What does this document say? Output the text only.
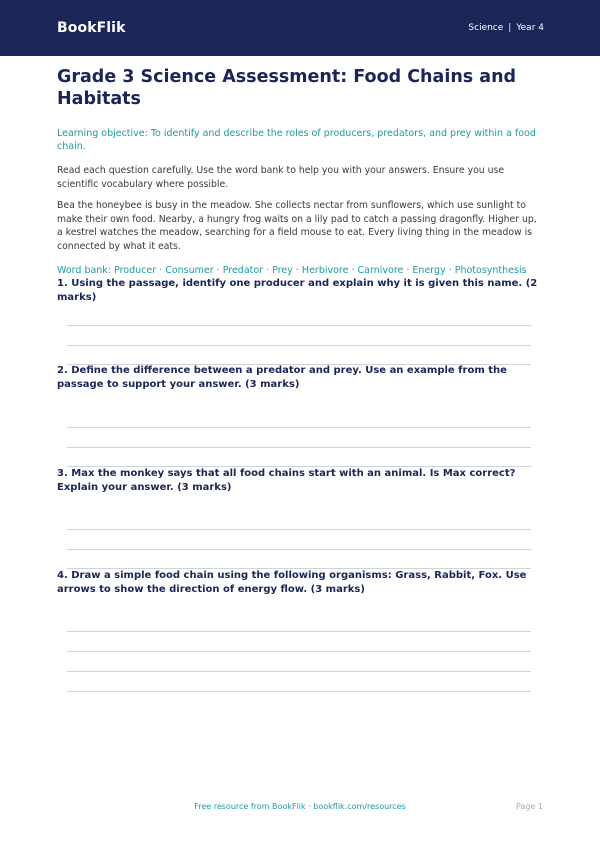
BookFlik	Science | Year 4
Grade 3 Science Assessment: Food Chains and Habitats

Learning objective: To identify and describe the roles of producers, predators, and prey within a food chain.

Read each question carefully. Use the word bank to help you with your answers. Ensure you use scientific vocabulary where possible.

Bea the honeybee is busy in the meadow. She collects nectar from sunflowers, which use sunlight to make their own food. Nearby, a hungry frog waits on a lily pad to catch a passing dragonfly. Higher up, a kestrel watches the meadow, searching for a field mouse to eat. Every living thing in the meadow is connected by what it eats.

Word bank: Producer · Consumer · Predator · Prey · Herbivore · Carnivore · Energy · Photosynthesis

1. Using the passage, identify one producer and explain why it is given this name. (2 marks)

2. Define the difference between a predator and prey. Use an example from the passage to support your answer. (3 marks)

3. Max the monkey says that all food chains start with an animal. Is Max correct? Explain your answer. (3 marks)

4. Draw a simple food chain using the following organisms: Grass, Rabbit, Fox. Use arrows to show the direction of energy flow. (3 marks)

Free resource from BookFlik · bookflik.com/resources	Page 1
